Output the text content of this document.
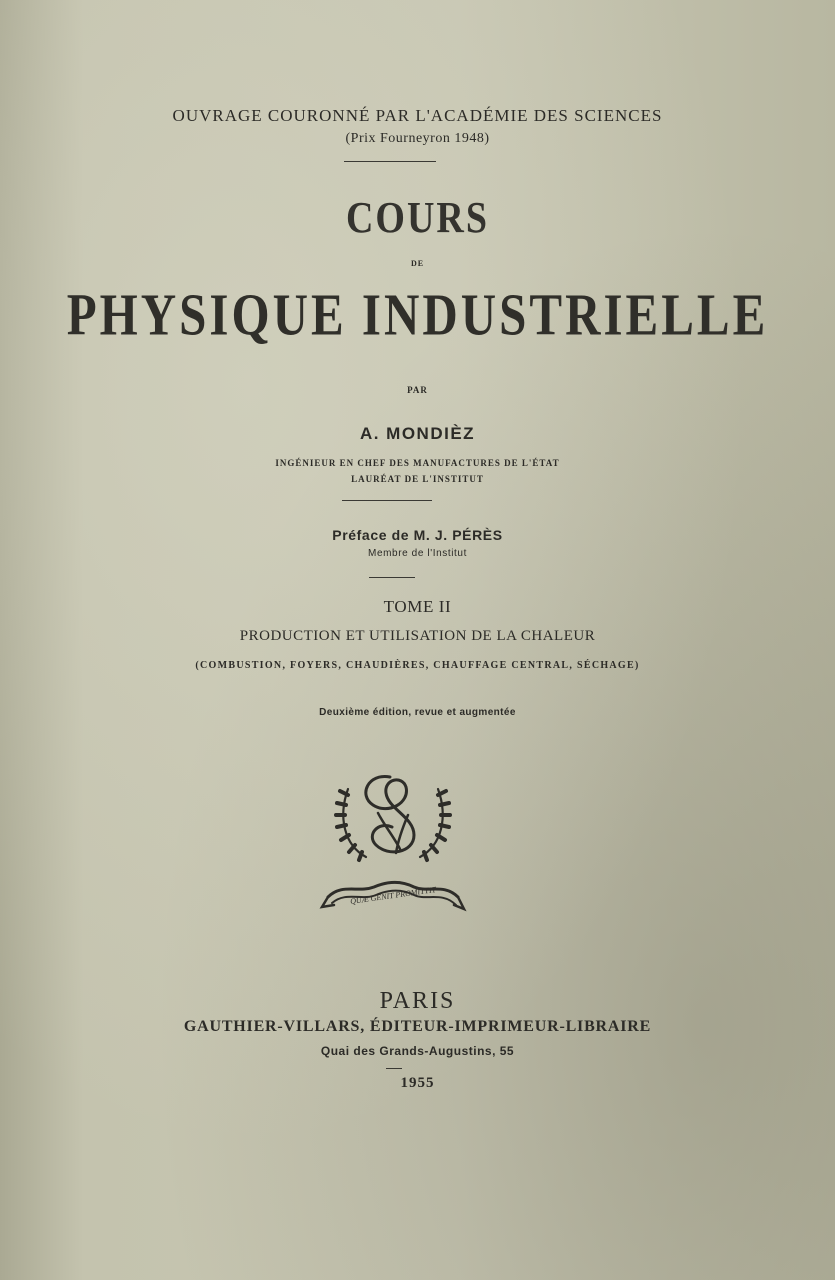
OUVRAGE COURONNÉ PAR L'ACADÉMIE DES SCIENCES
(Prix Fourneyron 1948)
COURS
DE
PHYSIQUE INDUSTRIELLE
PAR
A. MONDIÈZ
INGÉNIEUR EN CHEF DES MANUFACTURES DE L'ÉTAT
LAURÉAT DE L'INSTITUT
Préface de M. J. PÉRÈS
Membre de l'Institut
TOME II
PRODUCTION ET UTILISATION DE LA CHALEUR
(COMBUSTION, FOYERS, CHAUDIÈRES, CHAUFFAGE CENTRAL, SÉCHAGE)
Deuxième édition, revue et augmentée
QUÆ GENIT PROMITTIT
PARIS
GAUTHIER-VILLARS, ÉDITEUR-IMPRIMEUR-LIBRAIRE
Quai des Grands-Augustins, 55
1955
